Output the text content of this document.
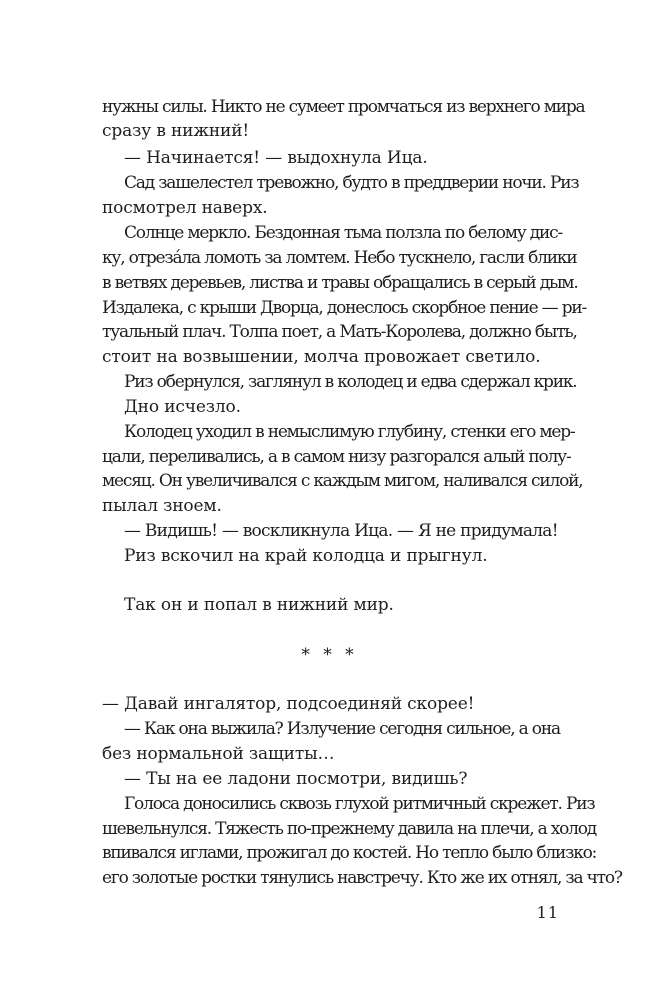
нужны силы. Никто не сумеет промчаться из верхнего мира
сразу в нижний!
— Начинается! — выдохнула Ица.
Сад зашелестел тревожно, будто в преддверии ночи. Риз
посмотрел наверх.
Солнце меркло. Бездонная тьма ползла по белому дис-
ку, отрезáла ломоть за ломтем. Небо тускнело, гасли блики
в ветвях деревьев, листва и травы обращались в серый дым.
Издалека, с крыши Дворца, донеслось скорбное пение — ри-
туальный плач. Толпа поет, а Мать-Королева, должно быть,
стоит на возвышении, молча провожает светило.
Риз обернулся, заглянул в колодец и едва сдержал крик.
Дно исчезло.
Колодец уходил в немыслимую глубину, стенки его мер-
цали, переливались, а в самом низу разгорался алый полу-
месяц. Он увеличивался с каждым мигом, наливался силой,
пылал зноем.
— Видишь! — воскликнула Ица. — Я не придумала!
Риз вскочил на край колодца и прыгнул.
Так он и попал в нижний мир.
* * *
— Давай ингалятор, подсоединяй скорее!
— Как она выжила? Излучение сегодня сильное, а она
без нормальной защиты…
— Ты на ее ладони посмотри, видишь?
Голоса доносились сквозь глухой ритмичный скрежет. Риз
шевельнулся. Тяжесть по-прежнему давила на плечи, а холод
впивался иглами, прожигал до костей. Но тепло было близко:
его золотые ростки тянулись навстречу. Кто же их отнял, за что?
11
